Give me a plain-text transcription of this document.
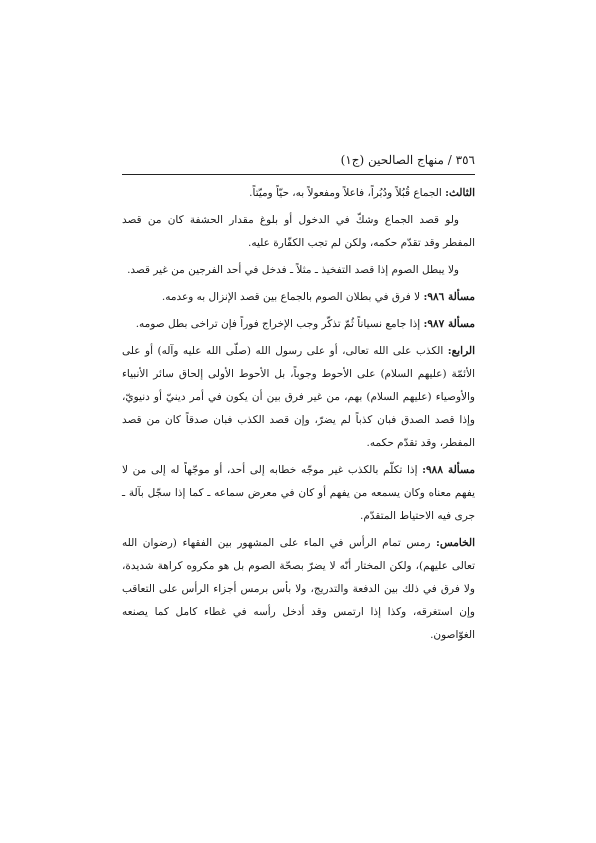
٣٥٦ / منهاج الصالحين (ج١)

الثالث: الجماع قُبُلاً ودُبُراً، فاعلاً ومفعولاً به، حيّاً وميّتاً.

ولو قصد الجماع وشكّ في الدخول أو بلوغ مقدار الحشفة كان من قصد المفطر وقد تقدّم حكمه، ولكن لم تجب الكفّارة عليه.

ولا يبطل الصوم إذا قصد التفخيذ ـ مثلاً ـ فدخل في أحد الفرجين من غير قصد.

مسألة ٩٨٦: لا فرق في بطلان الصوم بالجماع بين قصد الإنزال به وعدمه.

مسألة ٩٨٧: إذا جامع نسياناً ثُمّ تذكّر وجب الإخراج فوراً فإن تراخى بطل صومه.

الرابع: الكذب على الله تعالى، أو على رسول الله (صلّى الله عليه وآله) أو على الأئمّة (عليهم السلام) على الأحوط وجوباً، بل الأحوط الأولى إلحاق سائر الأنبياء والأوصياء (عليهم السلام) بهم، من غير فرق بين أن يكون في أمر دينيّ أو دنيويّ، وإذا قصد الصدق فبان كذباً لم يضرّ، وإن قصد الكذب فبان صدقاً كان من قصد المفطر، وقد تقدّم حكمه.

مسألة ٩٨٨: إذا تكلّم بالكذب غير موجّه خطابه إلى أحد، أو موجّهاً له إلى من لا يفهم معناه وكان يسمعه من يفهم أو كان في معرض سماعه ـ كما إذا سجّل بآلة ـ جرى فيه الاحتياط المتقدّم.

الخامس: رمس تمام الرأس في الماء على المشهور بين الفقهاء (رضوان الله تعالى عليهم)، ولكن المختار أنّه لا يضرّ بصحّة الصوم بل هو مكروه كراهة شديدة، ولا فرق في ذلك بين الدفعة والتدريج، ولا بأس برمس أجزاء الرأس على التعاقب وإن استغرقه، وكذا إذا ارتمس وقد أدخل رأسه في غطاء كامل كما يصنعه الغوّاصون.
